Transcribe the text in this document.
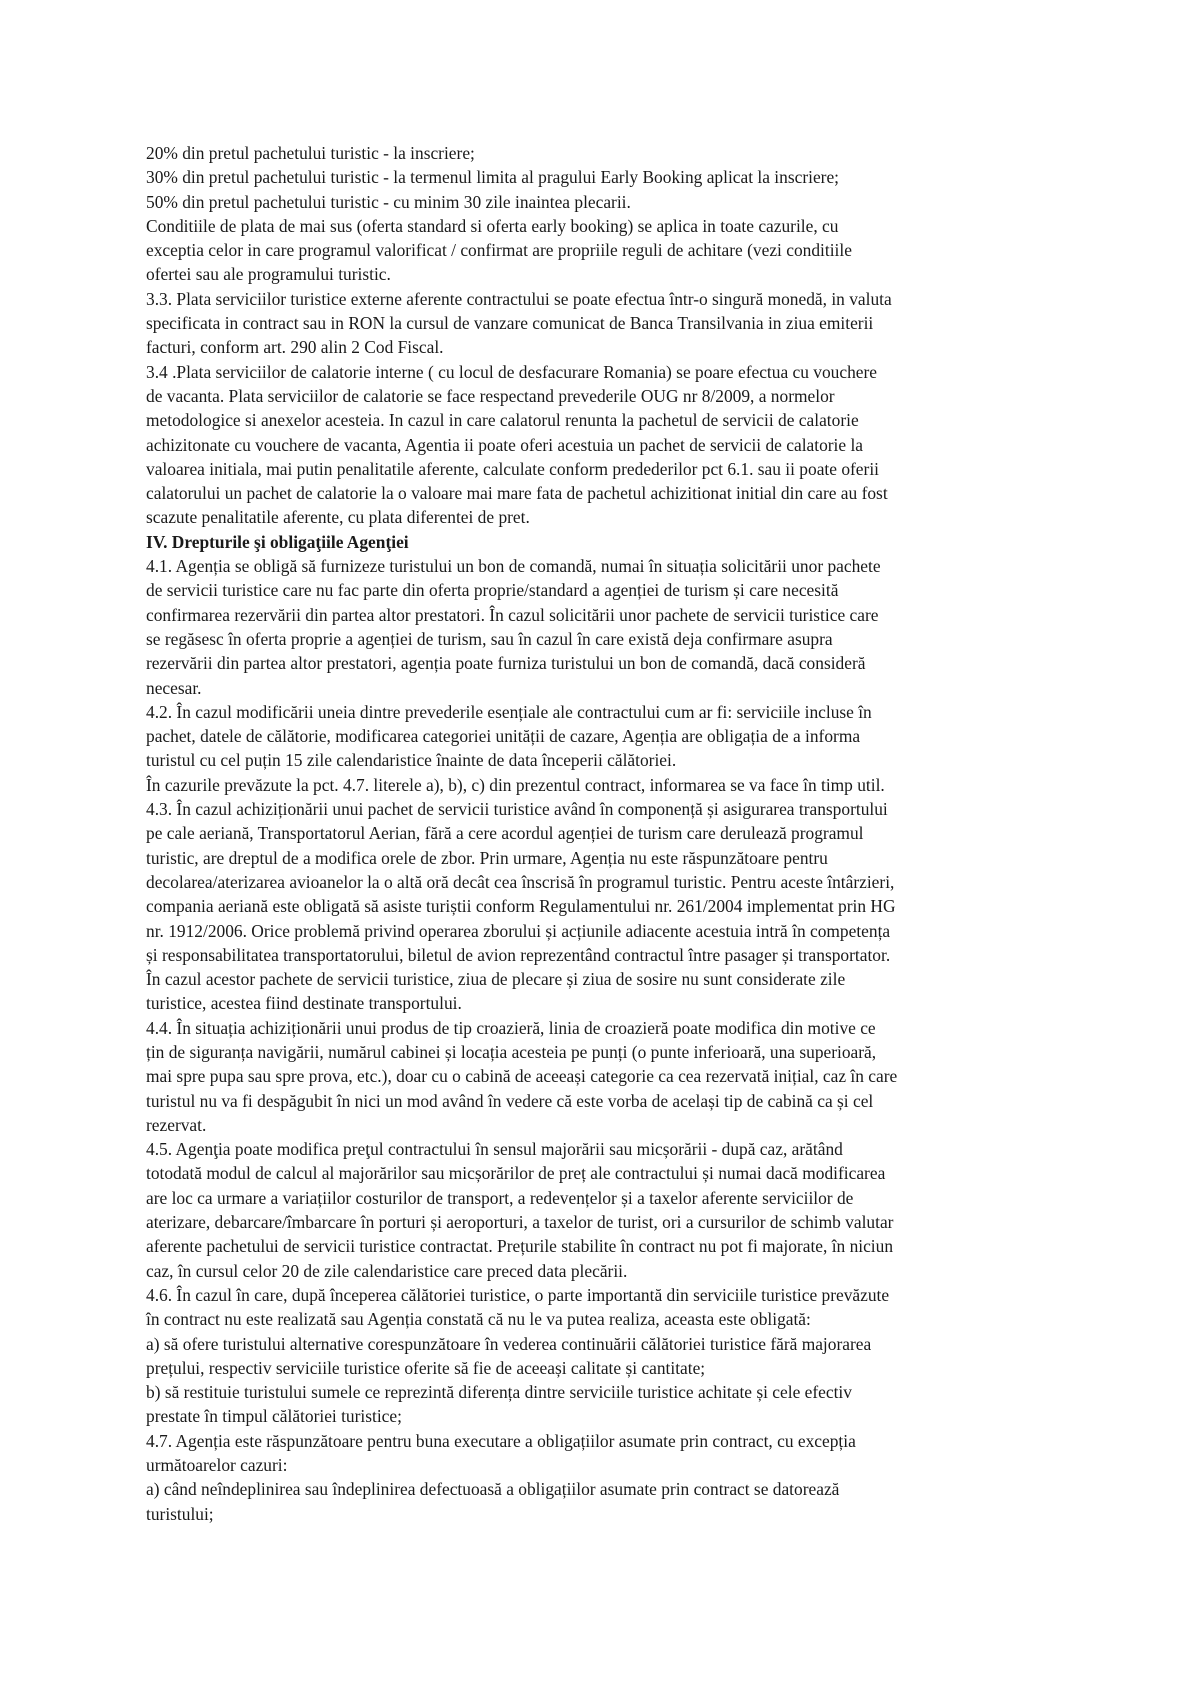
20% din pretul pachetului turistic - la inscriere;
30% din pretul pachetului turistic - la termenul limita al pragului Early Booking aplicat la inscriere;
50% din pretul pachetului turistic - cu minim 30 zile inaintea plecarii.
Conditiile de plata de mai sus (oferta standard si oferta early booking) se aplica in toate cazurile, cu
exceptia celor in care programul valorificat / confirmat are propriile reguli de achitare (vezi conditiile
ofertei sau ale programului turistic.
3.3. Plata serviciilor turistice externe aferente contractului se poate efectua într-o singură monedă, in valuta
specificata in contract sau in RON la cursul de vanzare comunicat de Banca Transilvania in ziua emiterii
facturi, conform art. 290 alin 2 Cod Fiscal.
3.4 .Plata serviciilor de calatorie interne ( cu locul de desfacurare Romania) se poare efectua cu vouchere
de vacanta. Plata serviciilor de calatorie se face respectand prevederile OUG nr 8/2009, a normelor
metodologice si anexelor acesteia. In cazul in care calatorul renunta la pachetul de servicii de calatorie
achizitonate cu vouchere de vacanta, Agentia ii poate oferi acestuia un pachet de servicii de calatorie la
valoarea initiala, mai putin penalitatile aferente, calculate conform predederilor pct 6.1. sau ii poate oferii
calatorului un pachet de calatorie la o valoare mai mare fata de pachetul achizitionat initial din care au fost
scazute penalitatile aferente, cu plata diferentei de pret.
IV. Drepturile şi obligaţiile Agenţiei
4.1. Agenția se obligă să furnizeze turistului un bon de comandă, numai în situația solicitării unor pachete
de servicii turistice care nu fac parte din oferta proprie/standard a agenției de turism și care necesită
confirmarea rezervării din partea altor prestatori. În cazul solicitării unor pachete de servicii turistice care
se regăsesc în oferta proprie a agenției de turism, sau în cazul în care există deja confirmare asupra
rezervării din partea altor prestatori, agenția poate furniza turistului un bon de comandă, dacă consideră
necesar.
4.2. În cazul modificării uneia dintre prevederile esențiale ale contractului cum ar fi: serviciile incluse în
pachet, datele de călătorie, modificarea categoriei unității de cazare, Agenția are obligația de a informa
turistul cu cel puțin 15 zile calendaristice înainte de data începerii călătoriei.
În cazurile prevăzute la pct. 4.7. literele a), b), c) din prezentul contract, informarea se va face în timp util.
4.3. În cazul achiziționării unui pachet de servicii turistice având în componență și asigurarea transportului
pe cale aeriană, Transportatorul Aerian, fără a cere acordul agenției de turism care derulează programul
turistic, are dreptul de a modifica orele de zbor. Prin urmare, Agenția nu este răspunzătoare pentru
decolarea/aterizarea avioanelor la o altă oră decât cea înscrisă în programul turistic. Pentru aceste întârzieri,
compania aeriană este obligată să asiste turiștii conform Regulamentului nr. 261/2004 implementat prin HG
nr. 1912/2006. Orice problemă privind operarea zborului și acțiunile adiacente acestuia intră în competența
și responsabilitatea transportatorului, biletul de avion reprezentând contractul între pasager și transportator.
În cazul acestor pachete de servicii turistice, ziua de plecare și ziua de sosire nu sunt considerate zile
turistice, acestea fiind destinate transportului.
4.4. În situația achiziționării unui produs de tip croazieră, linia de croazieră poate modifica din motive ce
țin de siguranța navigării, numărul cabinei și locația acesteia pe punți (o punte inferioară, una superioară,
mai spre pupa sau spre prova, etc.), doar cu o cabină de aceeași categorie ca cea rezervată inițial, caz în care
turistul nu va fi despăgubit în nici un mod având în vedere că este vorba de același tip de cabină ca și cel
rezervat.
4.5. Agenţia poate modifica preţul contractului în sensul majorării sau micșorării - după caz, arătând
totodată modul de calcul al majorărilor sau micșorărilor de preț ale contractului și numai dacă modificarea
are loc ca urmare a variațiilor costurilor de transport, a redevențelor și a taxelor aferente serviciilor de
aterizare, debarcare/îmbarcare în porturi și aeroporturi, a taxelor de turist, ori a cursurilor de schimb valutar
aferente pachetului de servicii turistice contractat. Prețurile stabilite în contract nu pot fi majorate, în niciun
caz, în cursul celor 20 de zile calendaristice care preced data plecării.
4.6. În cazul în care, după începerea călătoriei turistice, o parte importantă din serviciile turistice prevăzute
în contract nu este realizată sau Agenția constată că nu le va putea realiza, aceasta este obligată:
a) să ofere turistului alternative corespunzătoare în vederea continuării călătoriei turistice fără majorarea
prețului, respectiv serviciile turistice oferite să fie de aceeași calitate și cantitate;
b) să restituie turistului sumele ce reprezintă diferența dintre serviciile turistice achitate și cele efectiv
prestate în timpul călătoriei turistice;
4.7. Agenția este răspunzătoare pentru buna executare a obligațiilor asumate prin contract, cu excepția
următoarelor cazuri:
a) când neîndeplinirea sau îndeplinirea defectuoasă a obligațiilor asumate prin contract se datorează
turistului;
